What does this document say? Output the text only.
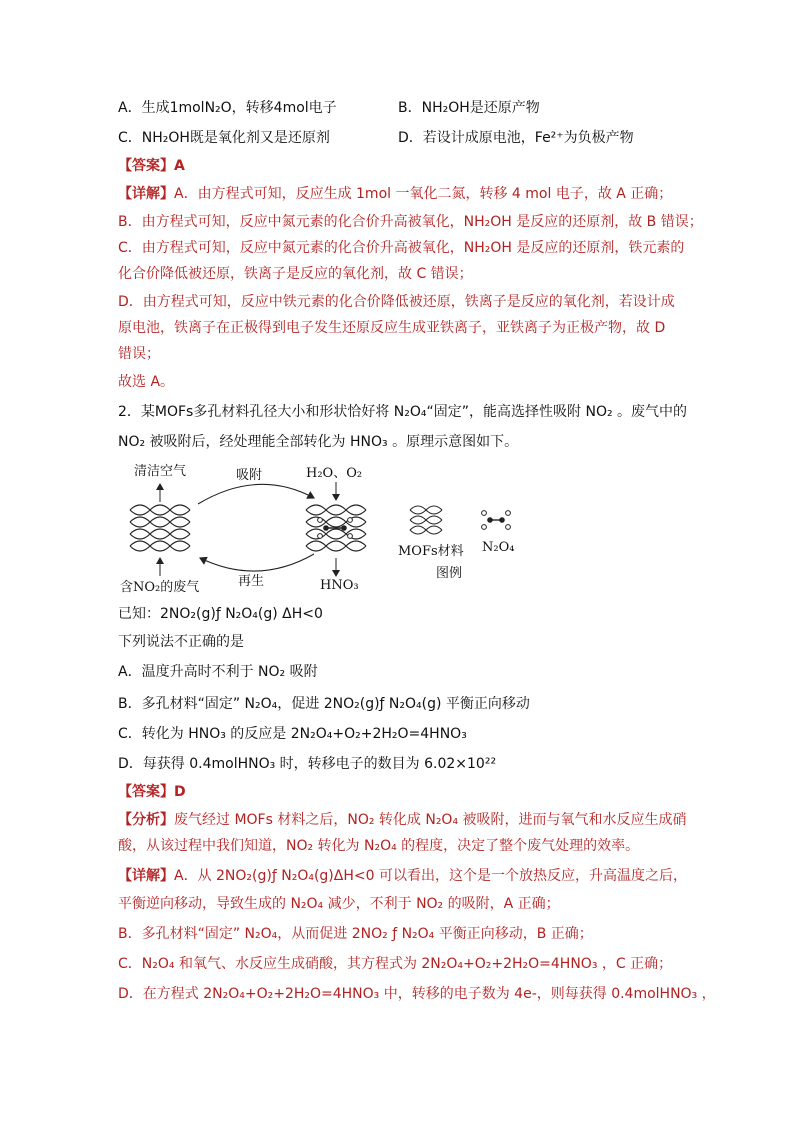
A．生成1molN₂O，转移4mol电子	B．NH₂OH是还原产物
C．NH₂OH既是氧化剂又是还原剂	D．若设计成原电池，Fe²⁺为负极产物
【答案】A
【详解】A．由方程式可知，反应生成 1mol 一氧化二氮，转移 4 mol 电子，故 A 正确；
B．由方程式可知，反应中氮元素的化合价升高被氧化，NH₂OH 是反应的还原剂，故 B 错误；
C．由方程式可知，反应中氮元素的化合价升高被氧化，NH₂OH 是反应的还原剂，铁元素的
化合价降低被还原，铁离子是反应的氧化剂，故 C 错误；
D．由方程式可知，反应中铁元素的化合价降低被还原，铁离子是反应的氧化剂，若设计成
原电池，铁离子在正极得到电子发生还原反应生成亚铁离子，亚铁离子为正极产物，故 D
错误；
故选 A。
2．某MOFs多孔材料孔径大小和形状恰好将 N₂O₄“固定”，能高选择性吸附 NO₂ 。废气中的
NO₂ 被吸附后，经处理能全部转化为 HNO₃ 。原理示意图如下。
清洁空气	吸附	H₂O、O₂
含NO₂的废气	再生	HNO₃
MOFs材料 N₂O₄
图例
已知：2NO₂(g)ƒ N₂O₄(g) ΔH<0
下列说法不正确的是
A．温度升高时不利于 NO₂ 吸附
B．多孔材料“固定” N₂O₄，促进 2NO₂(g)ƒ N₂O₄(g) 平衡正向移动
C．转化为 HNO₃ 的反应是 2N₂O₄+O₂+2H₂O=4HNO₃
D．每获得 0.4molHNO₃ 时，转移电子的数目为 6.02×10²²
【答案】D
【分析】废气经过 MOFs 材料之后，NO₂ 转化成 N₂O₄ 被吸附，进而与氧气和水反应生成硝
酸，从该过程中我们知道，NO₂ 转化为 N₂O₄ 的程度，决定了整个废气处理的效率。
【详解】A．从 2NO₂(g)ƒ N₂O₄(g)ΔH<0 可以看出，这个是一个放热反应，升高温度之后，
平衡逆向移动，导致生成的 N₂O₄ 减少，不利于 NO₂ 的吸附，A 正确；
B．多孔材料“固定” N₂O₄，从而促进 2NO₂ ƒ N₂O₄ 平衡正向移动，B 正确；
C．N₂O₄ 和氧气、水反应生成硝酸，其方程式为 2N₂O₄+O₂+2H₂O=4HNO₃ ，C 正确；
D．在方程式 2N₂O₄+O₂+2H₂O=4HNO₃ 中，转移的电子数为 4e-，则每获得 0.4molHNO₃ ，
